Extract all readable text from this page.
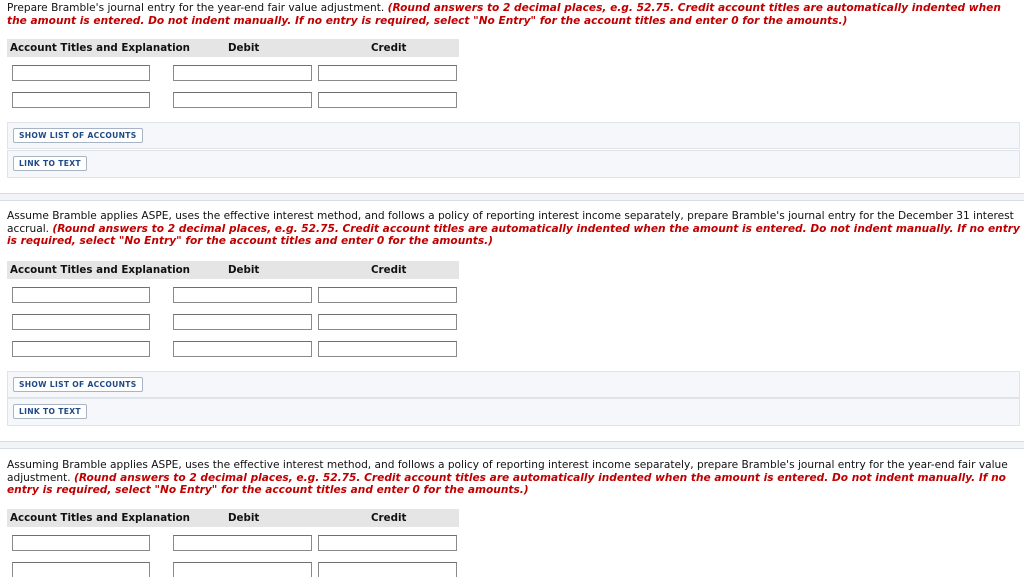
Prepare Bramble's journal entry for the year-end fair value adjustment. (Round answers to 2 decimal places, e.g. 52.75. Credit account titles are automatically indented when the amount is entered. Do not indent manually. If no entry is required, select "No Entry" for the account titles and enter 0 for the amounts.)
Account Titles and Explanation	Debit	Credit
SHOW LIST OF ACCOUNTS
LINK TO TEXT
Assume Bramble applies ASPE, uses the effective interest method, and follows a policy of reporting interest income separately, prepare Bramble's journal entry for the December 31 interest accrual. (Round answers to 2 decimal places, e.g. 52.75. Credit account titles are automatically indented when the amount is entered. Do not indent manually. If no entry is required, select "No Entry" for the account titles and enter 0 for the amounts.)
Account Titles and Explanation	Debit	Credit
SHOW LIST OF ACCOUNTS
LINK TO TEXT
Assuming Bramble applies ASPE, uses the effective interest method, and follows a policy of reporting interest income separately, prepare Bramble's journal entry for the year-end fair value adjustment. (Round answers to 2 decimal places, e.g. 52.75. Credit account titles are automatically indented when the amount is entered. Do not indent manually. If no entry is required, select "No Entry" for the account titles and enter 0 for the amounts.)
Account Titles and Explanation	Debit	Credit
